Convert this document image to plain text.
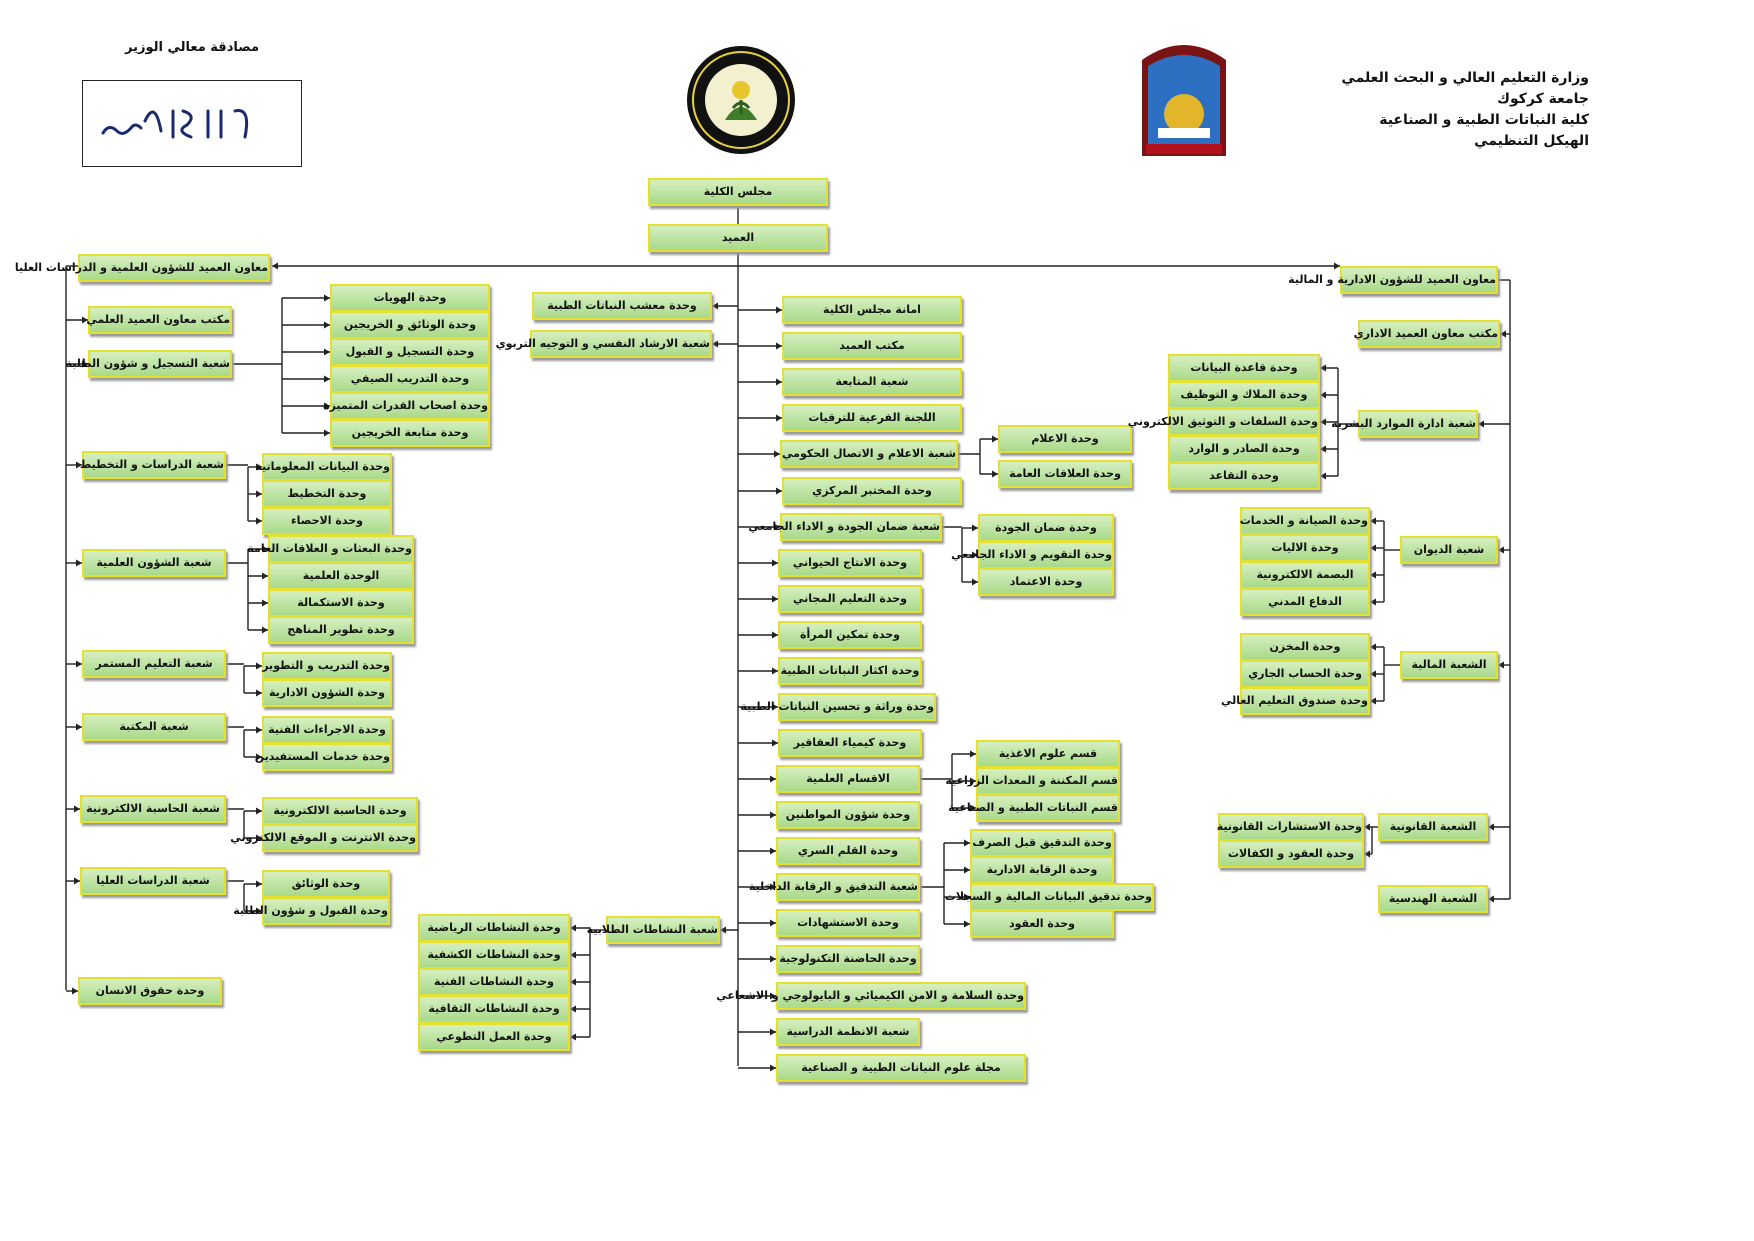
وزارة التعليم العالي و البحث العلمي
جامعة كركوك
كلية النباتات الطبية و الصناعية
الهيكل التنظيمي
مصادقة معالي الوزير
مجلس الكلية
العميد
معاون العميد للشؤون العلمية و الدراسات العليا
معاون العميد للشؤون الادارية و المالية
مكتب معاون العميد العلمي
شعبة التسجيل و شؤون الطلبة
وحدة الهويات
وحدة الوثائق و الخريجين
وحدة التسجيل و القبول
وحدة التدريب الصيفي
وحدة اصحاب القدرات المتميزة
وحدة متابعة الخريجين
شعبة الدراسات و التخطيط	وحدة البيانات المعلوماتية
وحدة التخطيط
وحدة الاحصاء
شعبة الشؤون العلمية
وحدة البعثات و العلاقات العامة
الوحدة العلمية
وحدة الاستكمالة
وحدة تطوير المناهج
شعبة التعليم المستمر	وحدة التدريب و التطوير
وحدة الشؤون الادارية
شعبة المكتبة	وحدة الاجراءات الفنية
وحدة خدمات المستفيدين
شعبة الحاسبة الالكترونية	وحدة الحاسبة الالكترونية
وحدة الانترنت و الموقع الالكتروني
شعبة الدراسات العليا	وحدة الوثائق
وحدة القبول و شؤون الطلبة
وحدة حقوق الانسان
وحدة معشب النباتات الطبية
شعبة الارشاد النفسي و التوجيه التربوي
شعبة النشاطات الطلابية
وحدة النشاطات الرياضية
وحدة النشاطات الكشفية
وحدة النشاطات الفنية
وحدة النشاطات الثقافية
وحدة العمل التطوعي
امانة مجلس الكلية
مكتب العميد
شعبة المتابعة
اللجنة الفرعية للترقيات
شعبة الاعلام و الاتصال الحكومي
وحدة الاعلام
وحدة العلاقات العامة
وحدة المختبر المركزي
شعبة ضمان الجودة و الاداء الجامعي	وحدة ضمان الجودة
وحدة التقويم و الاداء الجامعي
وحدة الاعتماد
وحدة الانتاج الحيواني
وحدة التعليم المجاني
وحدة تمكين المرأة
وحدة اكثار النباتات الطبية
وحدة وراثة و تحسين النباتات الطبية
وحدة كيمياء العقاقير
الاقسام العلمية
قسم علوم الاغذية
قسم المكننة و المعدات الزراعية
قسم النباتات الطبية و الصناعية
وحدة شؤون المواطنين
وحدة القلم السري
شعبة التدقيق و الرقابة الداخلية
وحدة التدقيق قبل الصرف
وحدة الرقابة الادارية
وحدة تدقيق البيانات المالية و السجلات
وحدة العقود
وحدة الاستشهادات
وحدة الحاضنة التكنولوجية
وحدة السلامة و الامن الكيميائي و البايولوجي و الاشعاعي
شعبة الانظمة الدراسية
مجلة علوم النباتات الطبية و الصناعية
مكتب معاون العميد الاداري
شعبة ادارة الموارد البشرية
وحدة قاعدة البيانات
وحدة الملاك و التوظيف
وحدة السلفات و التوثيق الالكتروني
وحدة الصادر و الوارد
وحدة التقاعد
شعبة الديوان
وحدة الصيانة و الخدمات
وحدة الاليات
البصمة الالكترونية
الدفاع المدني
الشعبة المالية
وحدة المخزن
وحدة الحساب الجاري
وحدة صندوق التعليم العالي
الشعبة القانونية
وحدة الاستشارات القانونية
وحدة العقود و الكفالات
الشعبة الهندسية
